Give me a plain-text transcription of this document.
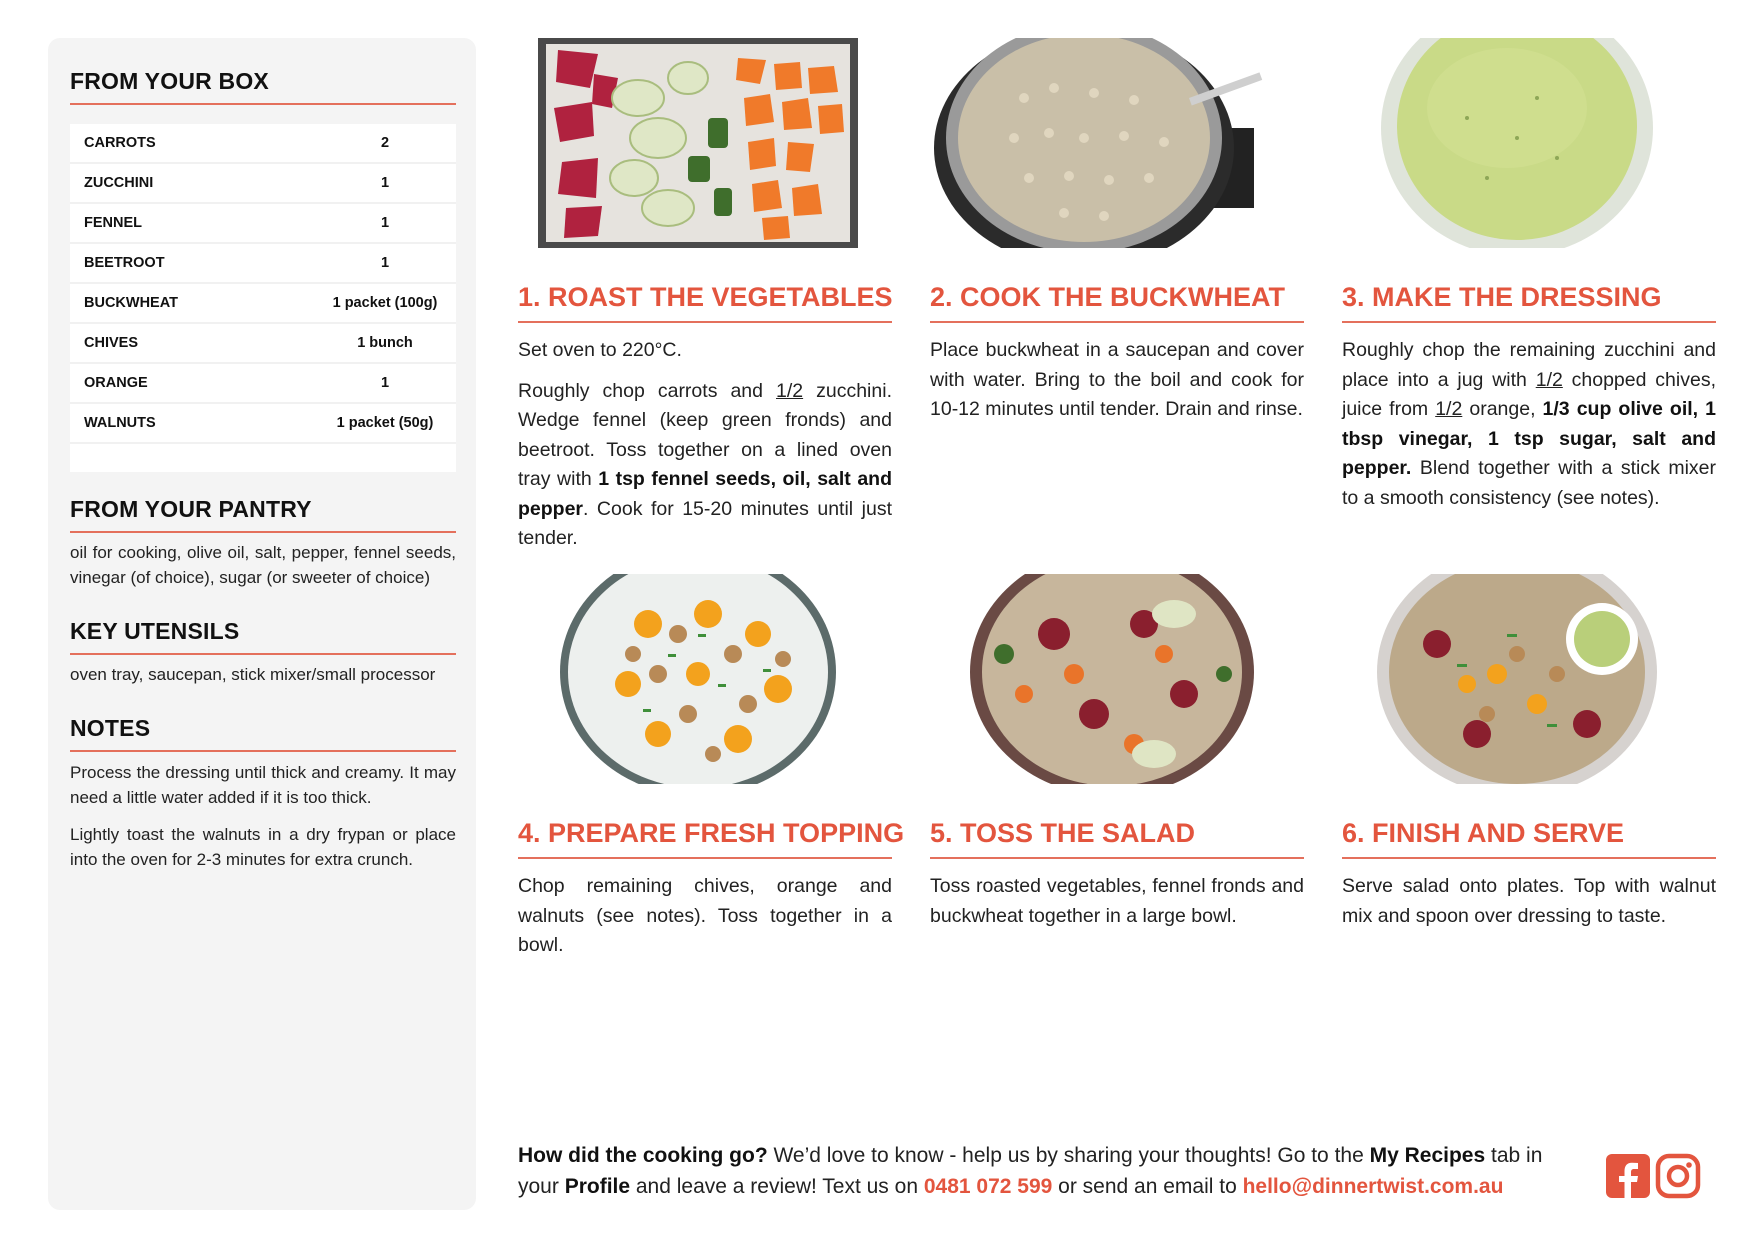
FROM YOUR BOX
CARROTS	2
ZUCCHINI	1
FENNEL	1
BEETROOT	1
BUCKWHEAT	1 packet (100g)
CHIVES	1 bunch
ORANGE	1
WALNUTS	1 packet (50g)
FROM YOUR PANTRY
oil for cooking, olive oil, salt, pepper, fennel seeds, vinegar (of choice), sugar (or sweeter of choice)
KEY UTENSILS
oven tray, saucepan, stick mixer/small processor
NOTES

Process the dressing until thick and creamy. It may need a little water added if it is too thick.

Lightly toast the walnuts in a dry frypan or place into the oven for 2-3 minutes for extra crunch.

1. ROAST THE VEGETABLES

Set oven to 220°C.

Roughly chop carrots and 1/2 zucchini. Wedge fennel (keep green fronds) and beetroot. Toss together on a lined oven tray with 1 tsp fennel seeds, oil, salt and pepper. Cook for 15-20 minutes until just tender.

2. COOK THE BUCKWHEAT

Place buckwheat in a saucepan and cover with water. Bring to the boil and cook for 10-12 minutes until tender. Drain and rinse.

3. MAKE THE DRESSING

Roughly chop the remaining zucchini and place into a jug with 1/2 chopped chives, juice from 1/2 orange, 1/3 cup olive oil, 1 tbsp vinegar, 1 tsp sugar, salt and pepper. Blend together with a stick mixer to a smooth consistency (see notes).

4. PREPARE FRESH TOPPING

Chop remaining chives, orange and walnuts (see notes). Toss together in a bowl.

5. TOSS THE SALAD

Toss roasted vegetables, fennel fronds and buckwheat together in a large bowl.

6. FINISH AND SERVE

Serve salad onto plates. Top with walnut mix and spoon over dressing to taste.

How did the cooking go? We’d love to know - help us by sharing your thoughts! Go to the My Recipes tab in your Profile and leave a review! Text us on 0481 072 599 or send an email to hello@dinnertwist.com.au
